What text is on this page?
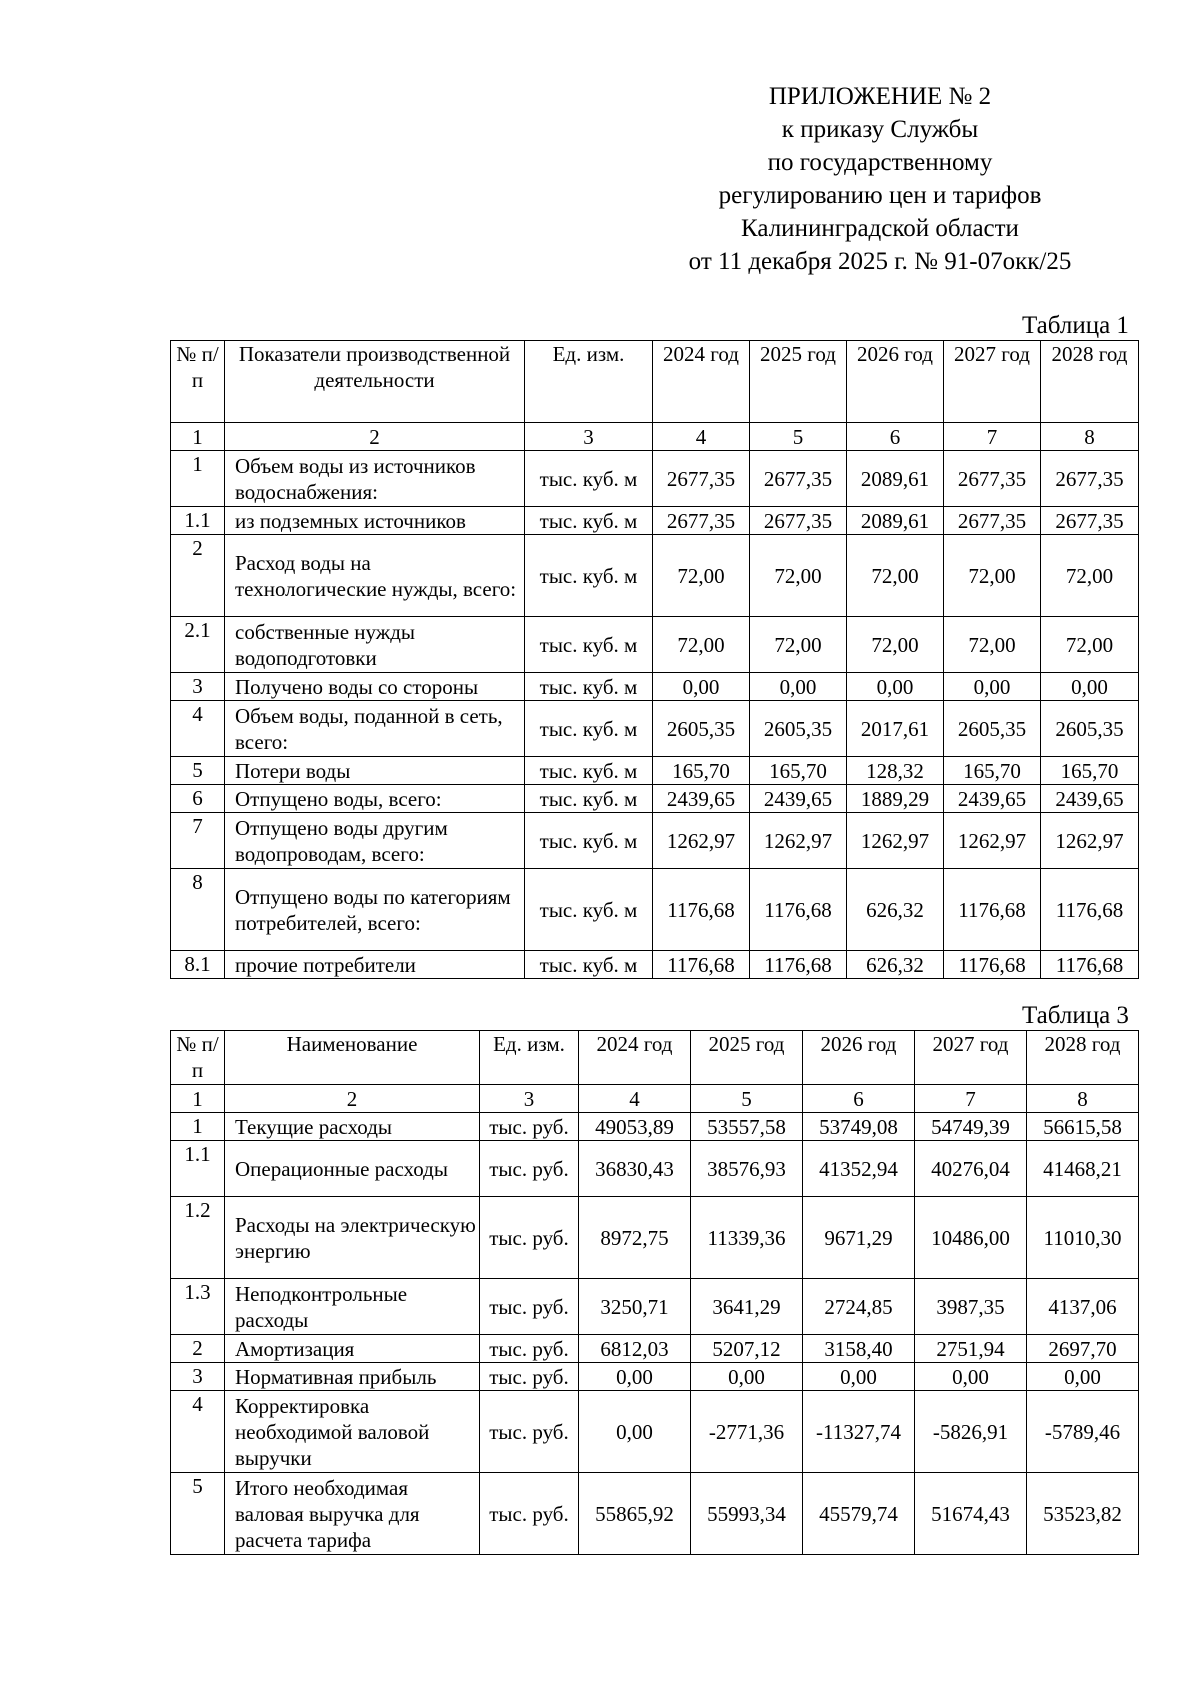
ПРИЛОЖЕНИЕ № 2
к приказу Службы
по государственному
регулированию цен и тарифов
Калининградской области
от 11 декабря 2025 г. № 91-07окк/25
Таблица 1
№ п/п	Показатели производственной деятельности	Ед. изм.	2024 год	2025 год	2026 год	2027 год	2028 год
1	2	3	4	5	6	7	8
1	Объем воды из источников водоснабжения:	тыс. куб. м	2677,35	2677,35	2089,61	2677,35	2677,35
1.1	из подземных источников	тыс. куб. м	2677,35	2677,35	2089,61	2677,35	2677,35
2	Расход воды на технологические нужды, всего:	тыс. куб. м	72,00	72,00	72,00	72,00	72,00
2.1	собственные нужды водоподготовки	тыс. куб. м	72,00	72,00	72,00	72,00	72,00
3	Получено воды со стороны	тыс. куб. м	0,00	0,00	0,00	0,00	0,00
4	Объем воды, поданной в сеть, всего:	тыс. куб. м	2605,35	2605,35	2017,61	2605,35	2605,35
5	Потери воды	тыс. куб. м	165,70	165,70	128,32	165,70	165,70
6	Отпущено воды, всего:	тыс. куб. м	2439,65	2439,65	1889,29	2439,65	2439,65
7	Отпущено воды другим водопроводам, всего:	тыс. куб. м	1262,97	1262,97	1262,97	1262,97	1262,97
8	Отпущено воды по категориям потребителей, всего:	тыс. куб. м	1176,68	1176,68	626,32	1176,68	1176,68
8.1	прочие потребители	тыс. куб. м	1176,68	1176,68	626,32	1176,68	1176,68
Таблица 3
№ п/п	Наименование	Ед. изм.	2024 год	2025 год	2026 год	2027 год	2028 год
1	2	3	4	5	6	7	8
1	Текущие расходы	тыс. руб.	49053,89	53557,58	53749,08	54749,39	56615,58
1.1	Операционные расходы	тыс. руб.	36830,43	38576,93	41352,94	40276,04	41468,21
1.2	Расходы на электрическую энергию	тыс. руб.	8972,75	11339,36	9671,29	10486,00	11010,30
1.3	Неподконтрольные расходы	тыс. руб.	3250,71	3641,29	2724,85	3987,35	4137,06
2	Амортизация	тыс. руб.	6812,03	5207,12	3158,40	2751,94	2697,70
3	Нормативная прибыль	тыс. руб.	0,00	0,00	0,00	0,00	0,00
4	Корректировка необходимой валовой выручки	тыс. руб.	0,00	-2771,36	-11327,74	-5826,91	-5789,46
5	Итого необходимая валовая выручка для расчета тарифа	тыс. руб.	55865,92	55993,34	45579,74	51674,43	53523,82
